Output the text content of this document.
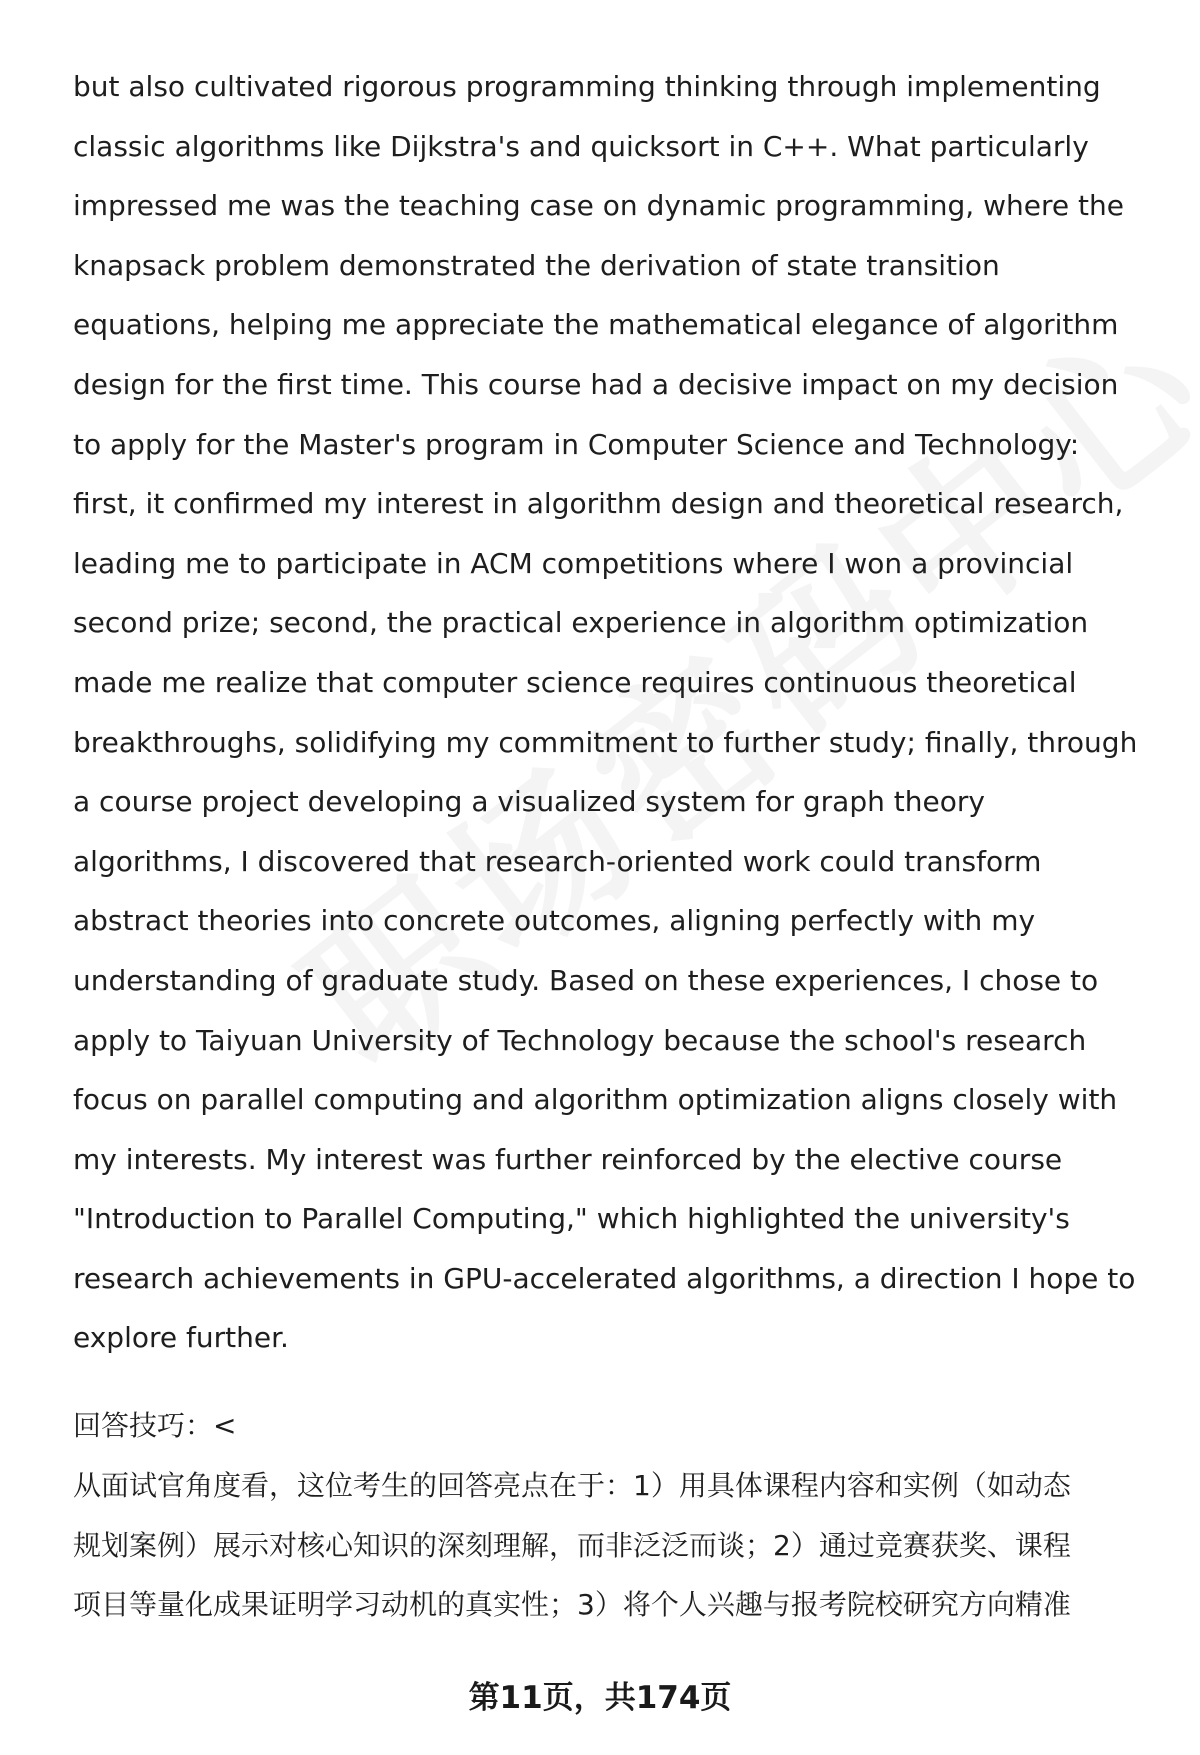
but also cultivated rigorous programming thinking through implementing
classic algorithms like Dijkstra's and quicksort in C++. What particularly
impressed me was the teaching case on dynamic programming, where the
knapsack problem demonstrated the derivation of state transition
equations, helping me appreciate the mathematical elegance of algorithm
design for the first time. This course had a decisive impact on my decision
to apply for the Master's program in Computer Science and Technology:
first, it confirmed my interest in algorithm design and theoretical research,
leading me to participate in ACM competitions where I won a provincial
second prize; second, the practical experience in algorithm optimization
made me realize that computer science requires continuous theoretical
breakthroughs, solidifying my commitment to further study; finally, through
a course project developing a visualized system for graph theory
algorithms, I discovered that research-oriented work could transform
abstract theories into concrete outcomes, aligning perfectly with my
understanding of graduate study. Based on these experiences, I chose to
apply to Taiyuan University of Technology because the school's research
focus on parallel computing and algorithm optimization aligns closely with
my interests. My interest was further reinforced by the elective course
"Introduction to Parallel Computing," which highlighted the university's
research achievements in GPU-accelerated algorithms, a direction I hope to
explore further.

回答技巧：<

从面试官角度看，这位考生的回答亮点在于：1）用具体课程内容和实例（如动态
规划案例）展示对核心知识的深刻理解，而非泛泛而谈；2）通过竞赛获奖、课程
项目等量化成果证明学习动机的真实性；3）将个人兴趣与报考院校研究方向精准

第11页，共174页
